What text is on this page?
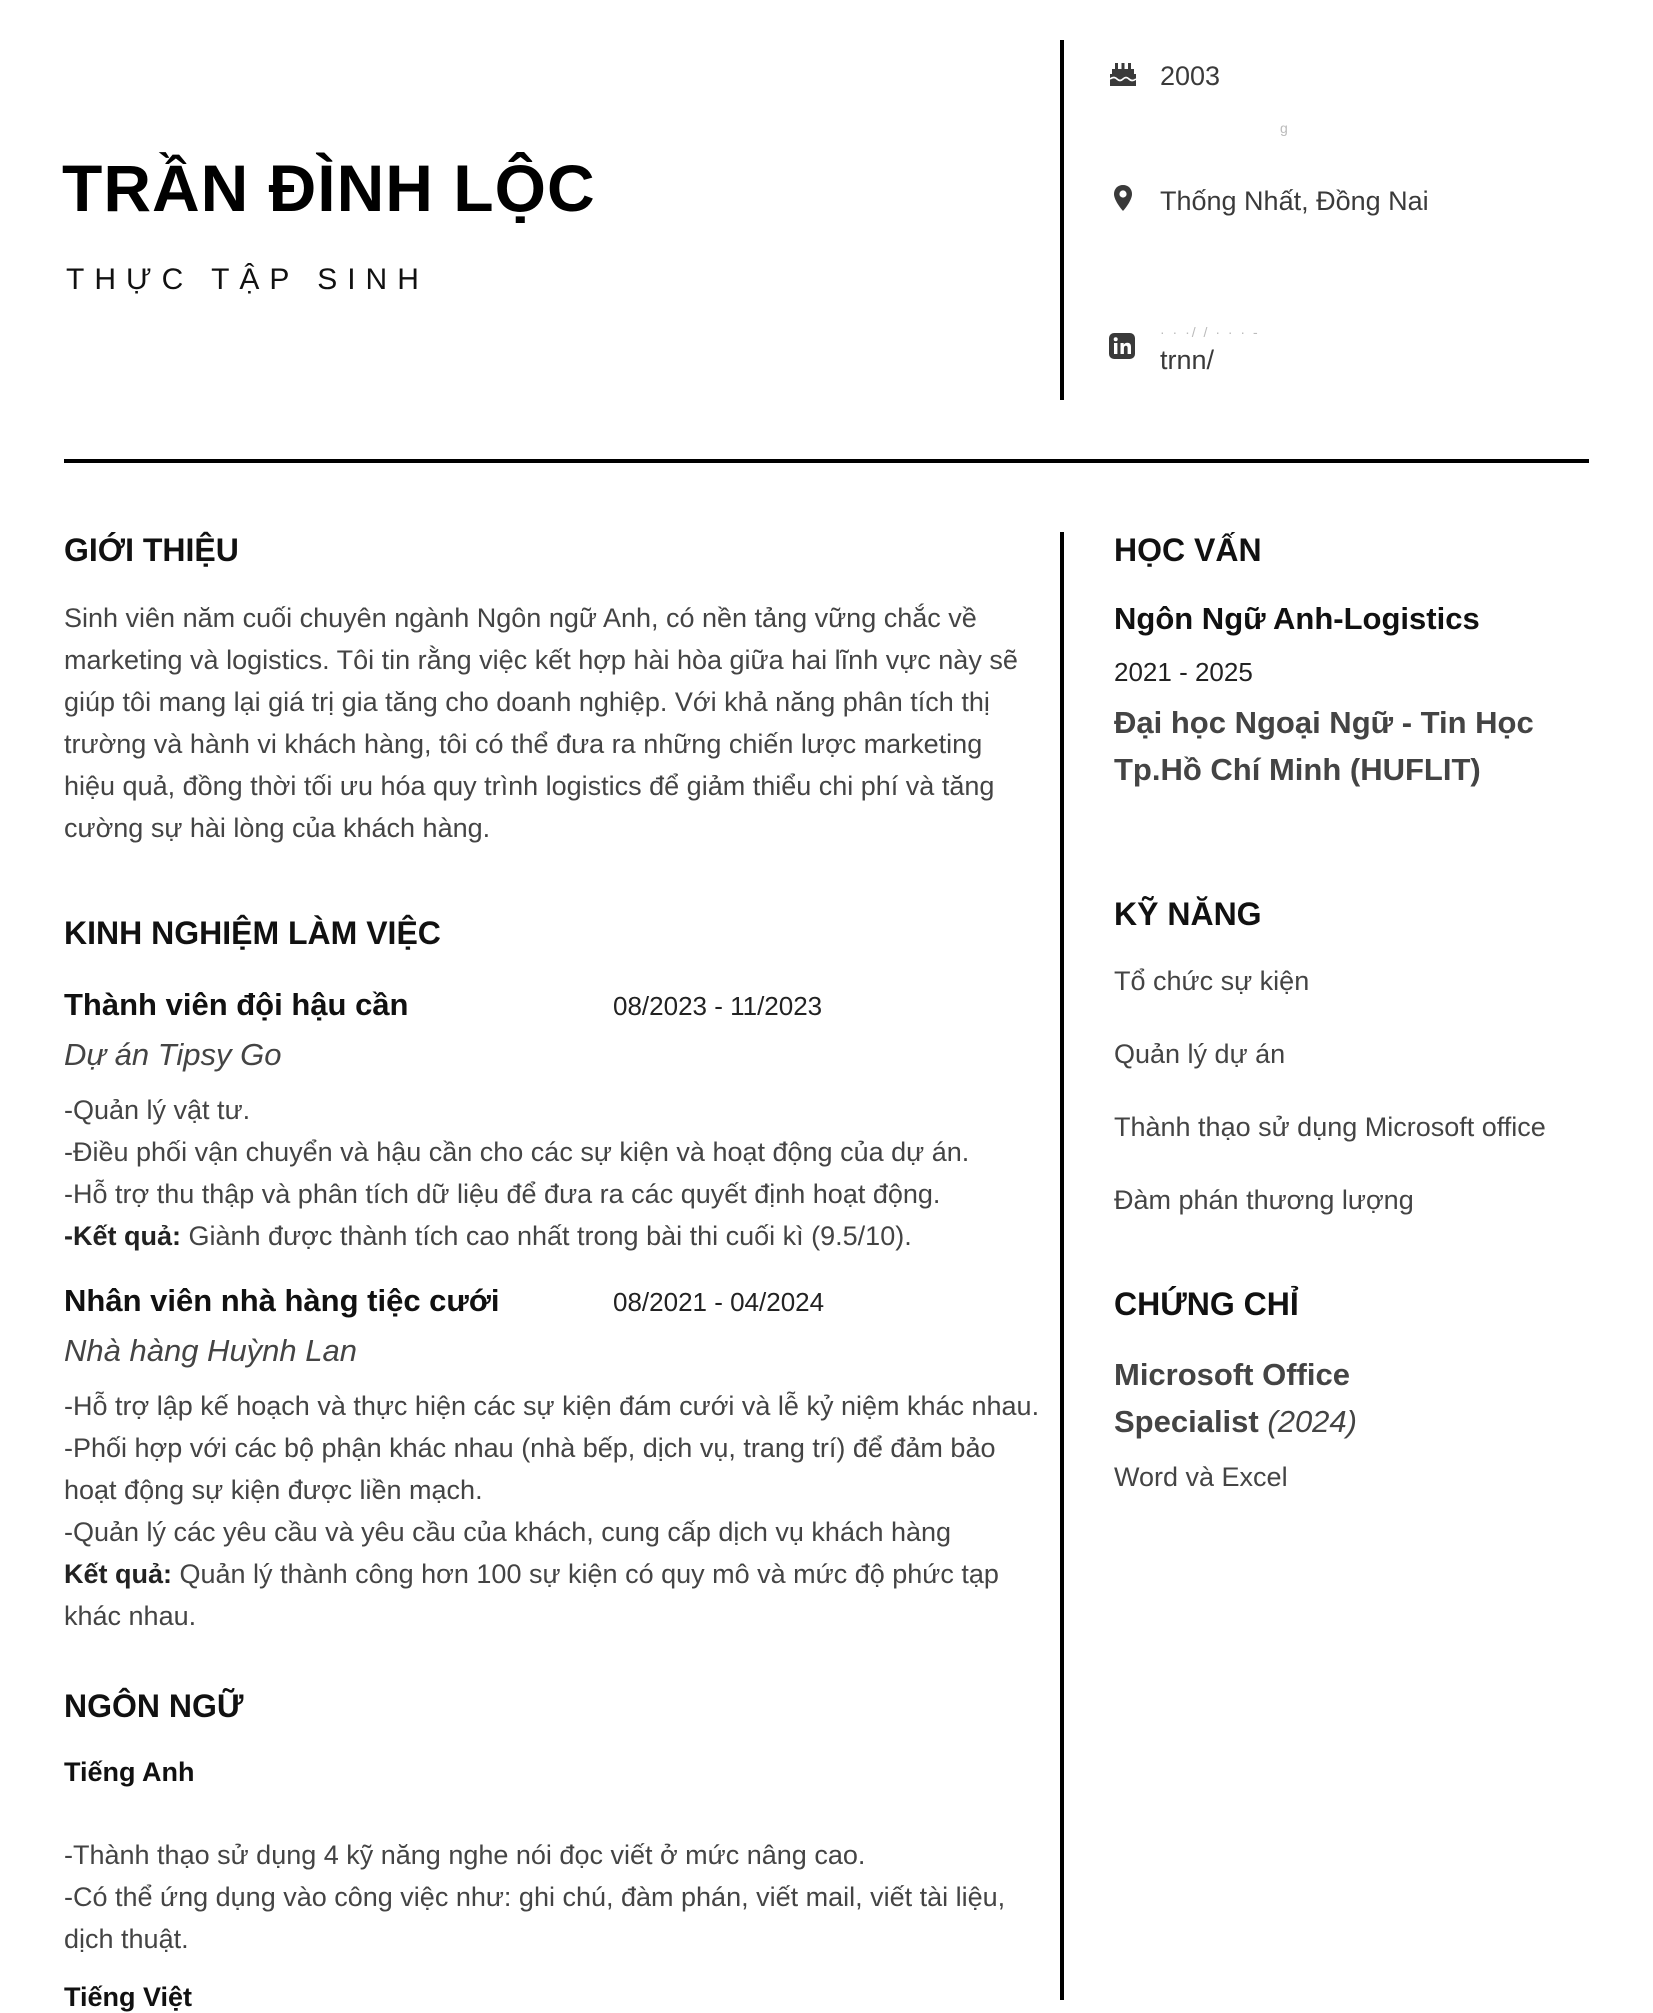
TRẦN ĐÌNH LỘC
THỰC TẬP SINH
2003
g
Thống Nhất, Đồng Nai
· · ·/ / · · · -
trnn/
GIỚI THIỆU
Sinh viên năm cuối chuyên ngành Ngôn ngữ Anh, có nền tảng vững chắc về
marketing và logistics. Tôi tin rằng việc kết hợp hài hòa giữa hai lĩnh vực này sẽ
giúp tôi mang lại giá trị gia tăng cho doanh nghiệp. Với khả năng phân tích thị
trường và hành vi khách hàng, tôi có thể đưa ra những chiến lược marketing
hiệu quả, đồng thời tối ưu hóa quy trình logistics để giảm thiểu chi phí và tăng
cường sự hài lòng của khách hàng.
KINH NGHIỆM LÀM VIỆC
Thành viên đội hậu cần	08/2023 - 11/2023
Dự án Tipsy Go
-Quản lý vật tư.
-Điều phối vận chuyển và hậu cần cho các sự kiện và hoạt động của dự án.
-Hỗ trợ thu thập và phân tích dữ liệu để đưa ra các quyết định hoạt động.
-Kết quả: Giành được thành tích cao nhất trong bài thi cuối kì (9.5/10).
Nhân viên nhà hàng tiệc cưới	08/2021 - 04/2024
Nhà hàng Huỳnh Lan
-Hỗ trợ lập kế hoạch và thực hiện các sự kiện đám cưới và lễ kỷ niệm khác nhau.
-Phối hợp với các bộ phận khác nhau (nhà bếp, dịch vụ, trang trí) để đảm bảo
hoạt động sự kiện được liền mạch.
-Quản lý các yêu cầu và yêu cầu của khách, cung cấp dịch vụ khách hàng
Kết quả: Quản lý thành công hơn 100 sự kiện có quy mô và mức độ phức tạp
khác nhau.
NGÔN NGỮ
Tiếng Anh
-Thành thạo sử dụng 4 kỹ năng nghe nói đọc viết ở mức nâng cao.
-Có thể ứng dụng vào công việc như: ghi chú, đàm phán, viết mail, viết tài liệu,
dịch thuật.
Tiếng Việt
HỌC VẤN
Ngôn Ngữ Anh-Logistics
2021 - 2025
Đại học Ngoại Ngữ - Tin Học
Tp.Hồ Chí Minh (HUFLIT)
KỸ NĂNG
Tổ chức sự kiện
Quản lý dự án
Thành thạo sử dụng Microsoft office
Đàm phán thương lượng
CHỨNG CHỈ
Microsoft Office
Specialist (2024)
Word và Excel
